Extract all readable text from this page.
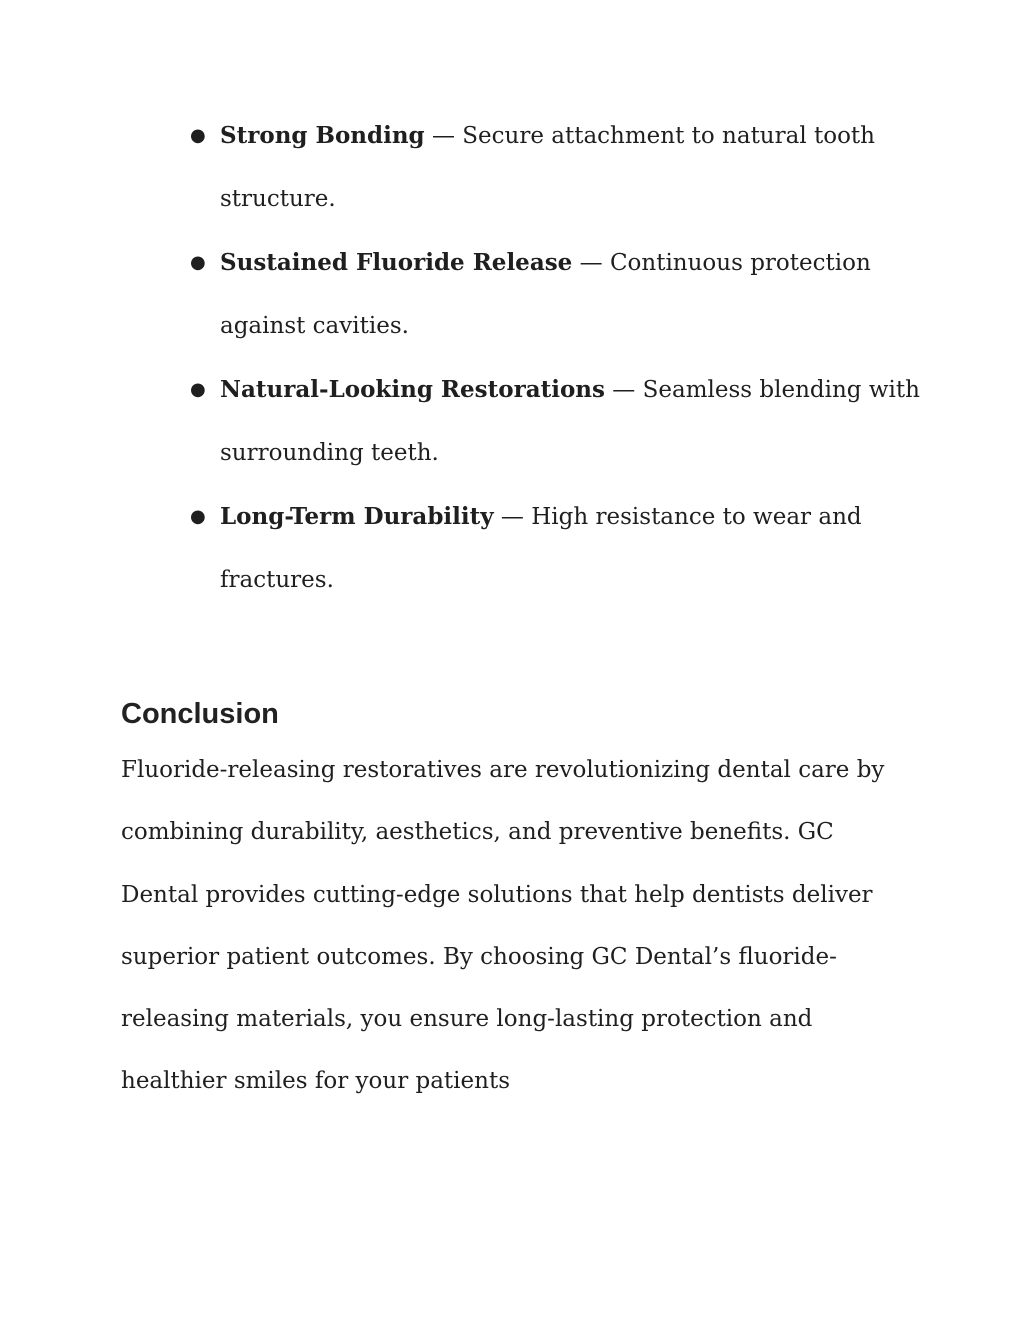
● Strong Bonding — Secure attachment to natural tooth structure.
● Sustained Fluoride Release — Continuous protection against cavities.
● Natural-Looking Restorations — Seamless blending with surrounding teeth.
● Long-Term Durability — High resistance to wear and fractures.
Conclusion

Fluoride-releasing restoratives are revolutionizing dental care by combining durability, aesthetics, and preventive benefits. GC Dental provides cutting-edge solutions that help dentists deliver superior patient outcomes. By choosing GC Dental’s fluoride-releasing materials, you ensure long-lasting protection and healthier smiles for your patients
